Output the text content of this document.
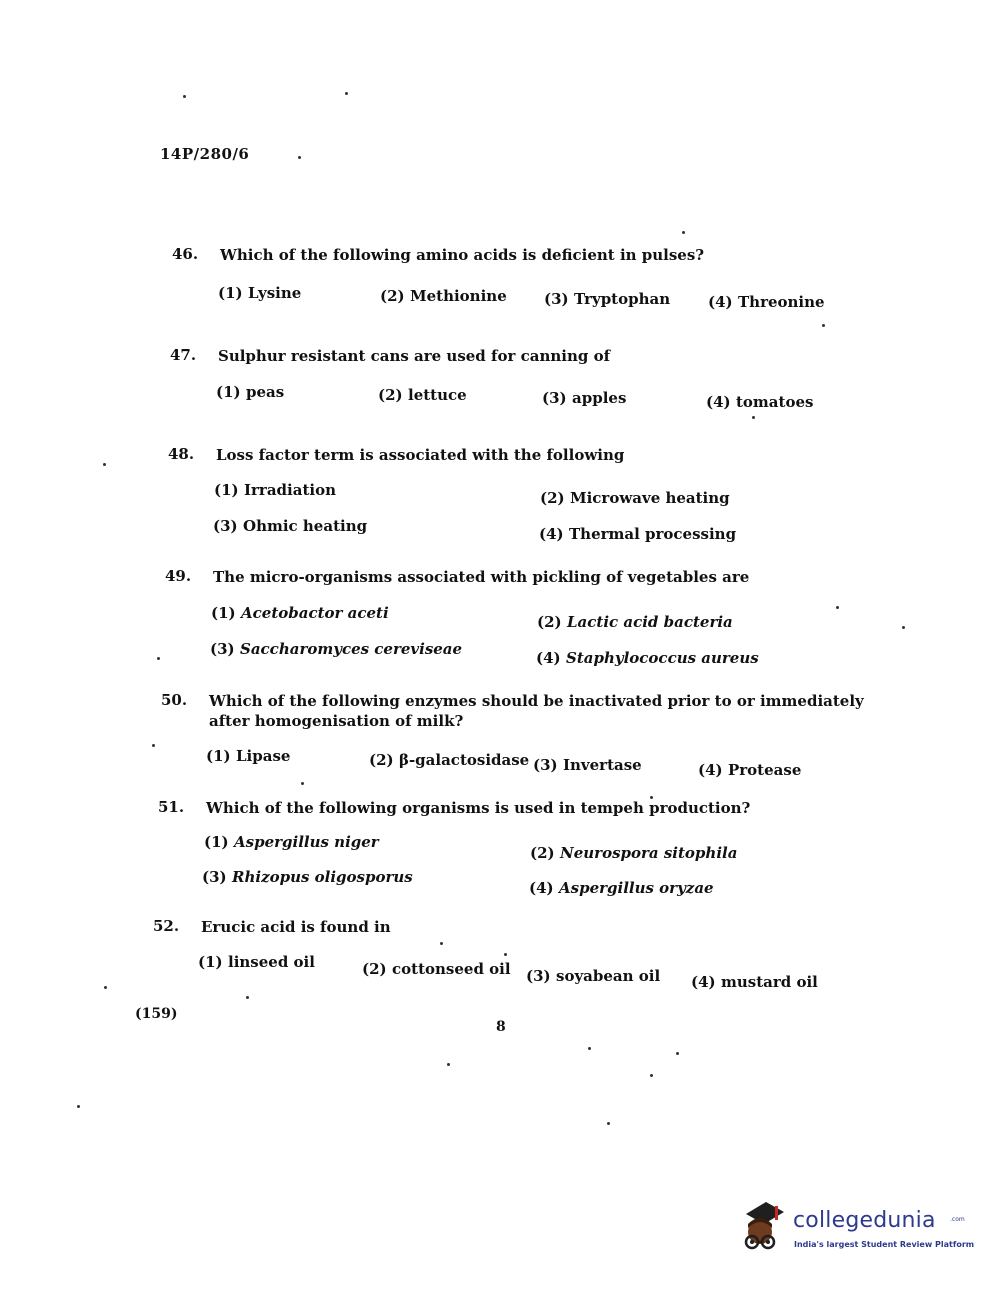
14P/280/6
46.	Which of the following amino acids is deficient in pulses?
(1) Lysine	(2) Methionine (3) Tryptophan	(4) Threonine
47.	Sulphur resistant cans are used for canning of
(1) peas	(2) lettuce	(3) apples	(4) tomatoes
48.	Loss factor term is associated with the following
(1) Irradiation	(2) Microwave heating
(3) Ohmic heating	(4) Thermal processing
49.	The micro-organisms associated with pickling of vegetables are
(1) Acetobactor aceti	(2) Lactic acid bacteria
(3) Saccharomyces cereviseae	(4) Staphylococcus aureus
50.	Which of the following enzymes should be inactivated prior to or immediately after homogenisation of milk?
(1) Lipase	(2) β-galactosidase (3) Invertase	(4) Protease
51.	Which of the following organisms is used in tempeh production?
(1) Aspergillus niger
(2) Neurospora sitophila
(3) Rhizopus oligosporus
(4) Aspergillus oryzae
52.	Erucic acid is found in
(1) linseed oil	(2) cottonseed oil (3) soyabean oil (4) mustard oil
(159)
8
collegedunia .com
India's largest Student Review Platform
